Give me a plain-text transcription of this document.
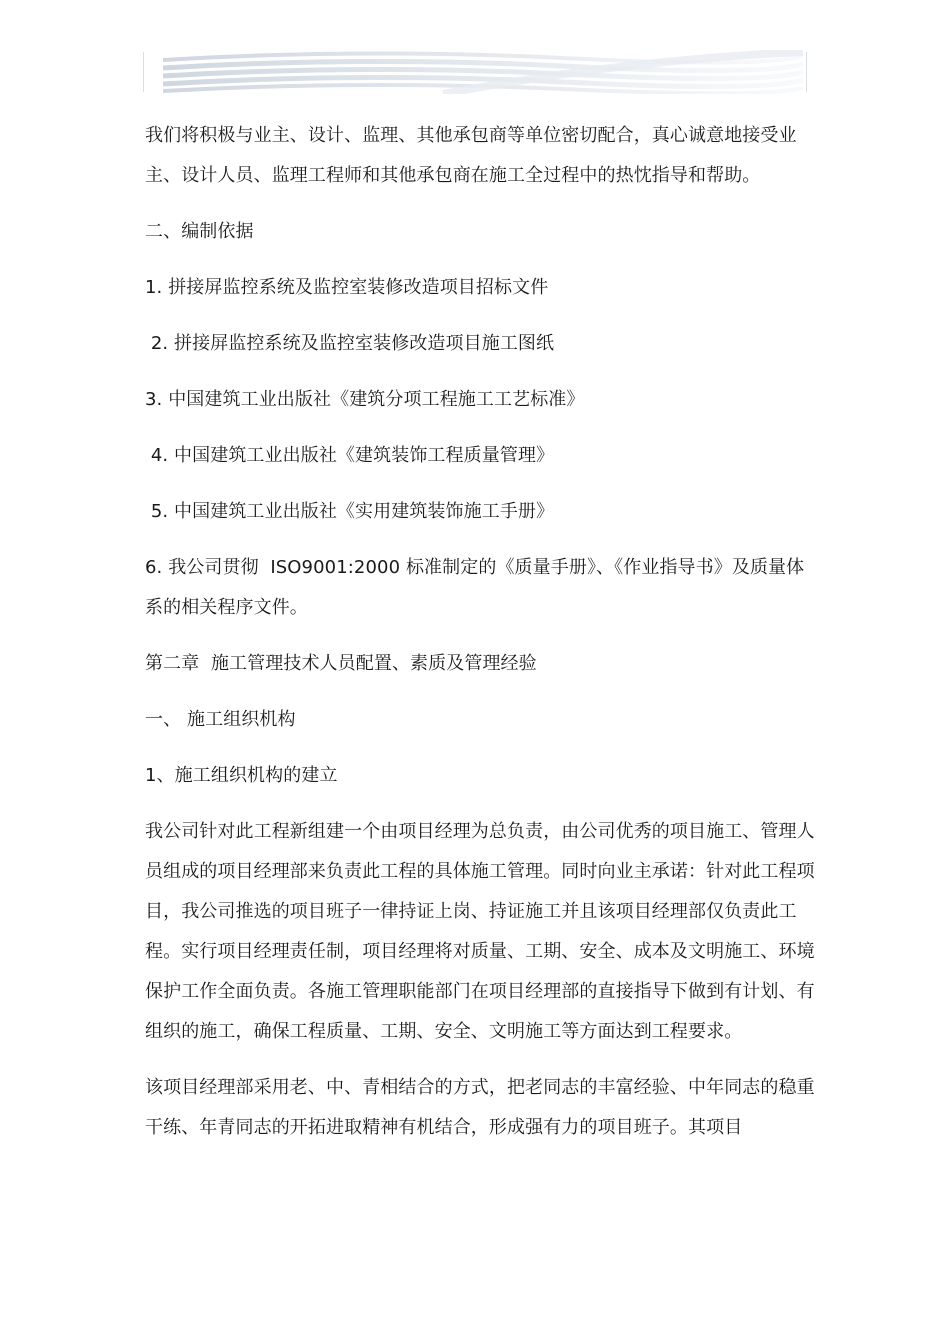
我们将积极与业主、设计、监理、其他承包商等单位密切配合，真心诚意地接受业主、设计人员、监理工程师和其他承包商在施工全过程中的热忱指导和帮助。

二、编制依据

1. 拼接屏监控系统及监控室装修改造项目招标文件

2. 拼接屏监控系统及监控室装修改造项目施工图纸

3. 中国建筑工业出版社《建筑分项工程施工工艺标准》

4. 中国建筑工业出版社《建筑装饰工程质量管理》

5. 中国建筑工业出版社《实用建筑装饰施工手册》

6. 我公司贯彻  ISO9001:2000 标准制定的《质量手册》、《作业指导书》及质量体系的相关程序文件。

第二章  施工管理技术人员配置、素质及管理经验

一、 施工组织机构

1、施工组织机构的建立

我公司针对此工程新组建一个由项目经理为总负责，由公司优秀的项目施工、管理人员组成的项目经理部来负责此工程的具体施工管理。同时向业主承诺：针对此工程项目，我公司推选的项目班子一律持证上岗、持证施工并且该项目经理部仅负责此工程。实行项目经理责任制，项目经理将对质量、工期、安全、成本及文明施工、环境保护工作全面负责。各施工管理职能部门在项目经理部的直接指导下做到有计划、有组织的施工，确保工程质量、工期、安全、文明施工等方面达到工程要求。

该项目经理部采用老、中、青相结合的方式，把老同志的丰富经验、中年同志的稳重干练、年青同志的开拓进取精神有机结合，形成强有力的项目班子。其项目
